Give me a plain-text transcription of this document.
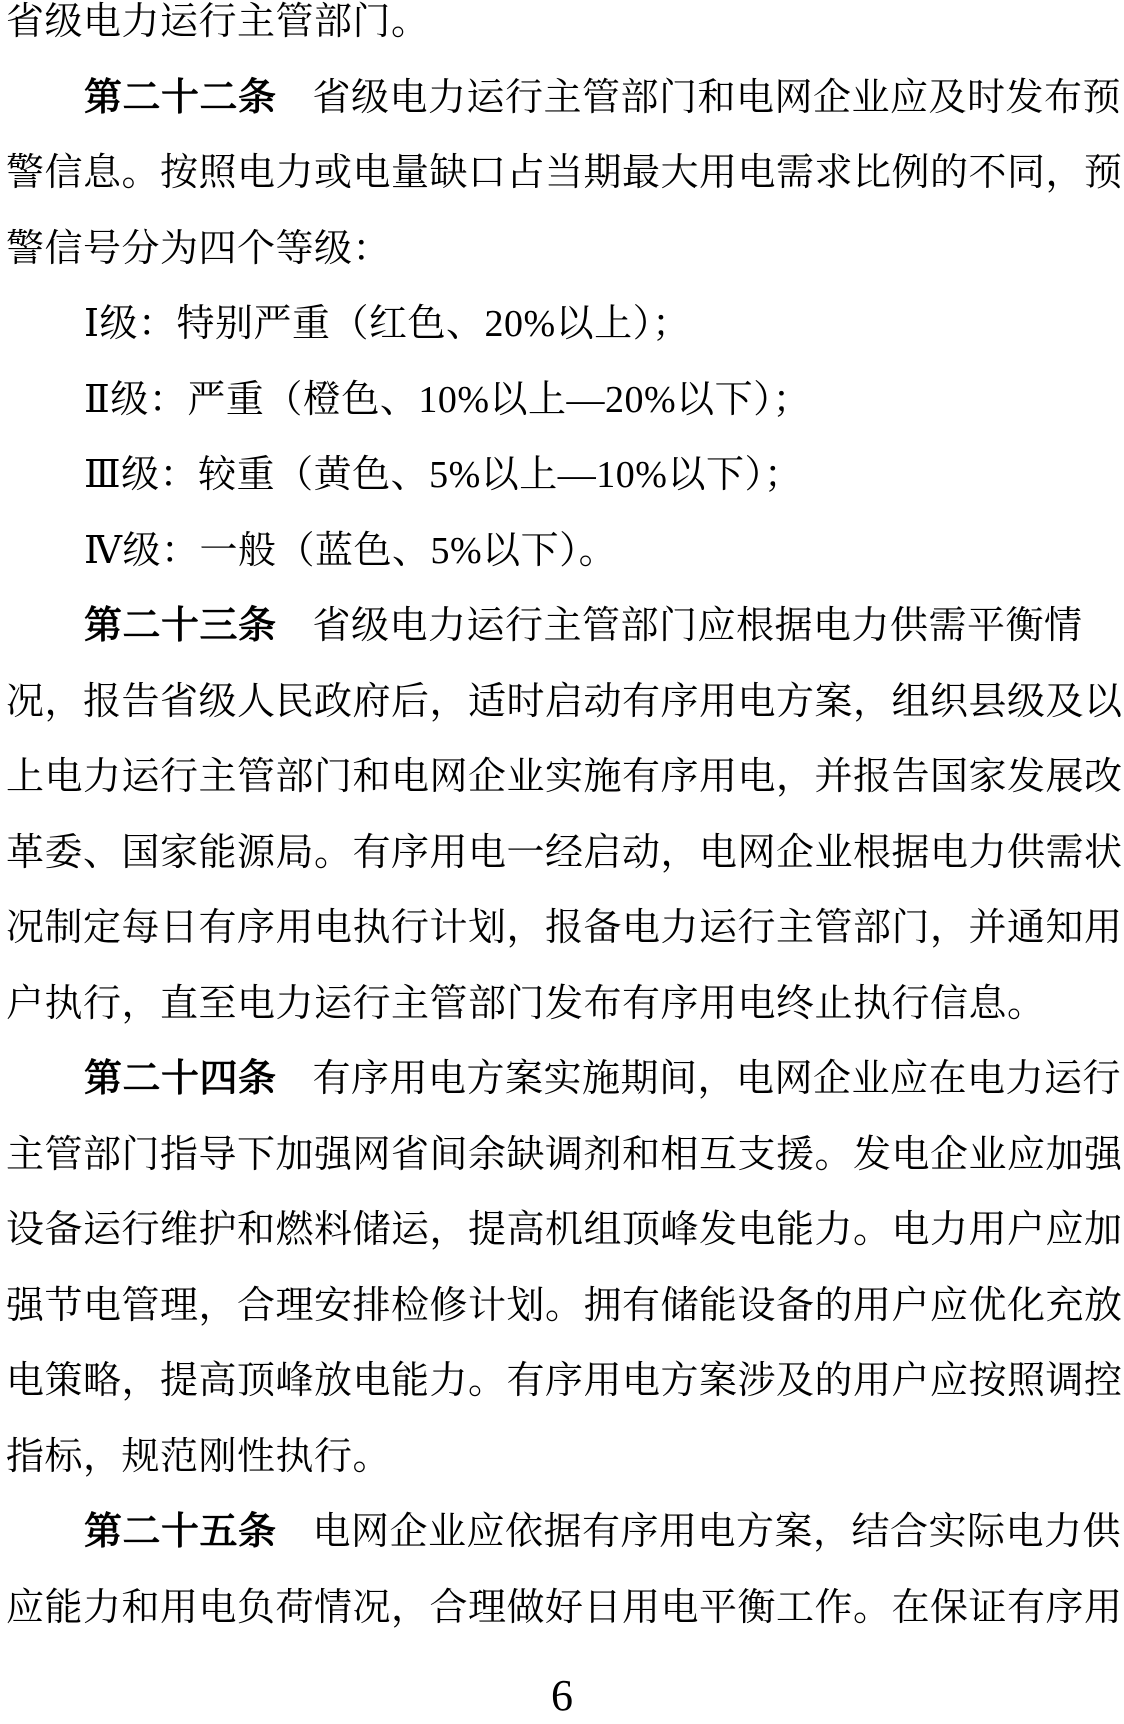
省级电力运行主管部门。
第二十二条 省级电力运行主管部门和电网企业应及时发布预
警信息。按照电力或电量缺口占当期最大用电需求比例的不同，预
警信号分为四个等级：
Ⅰ级：特别严重（红色、20%以上）；
Ⅱ级：严重（橙色、10%以上—20%以下）；
Ⅲ级：较重（黄色、5%以上—10%以下）；
Ⅳ级：一般（蓝色、5%以下）。
第二十三条 省级电力运行主管部门应根据电力供需平衡情
况，报告省级人民政府后，适时启动有序用电方案，组织县级及以
上电力运行主管部门和电网企业实施有序用电，并报告国家发展改
革委、国家能源局。有序用电一经启动，电网企业根据电力供需状
况制定每日有序用电执行计划，报备电力运行主管部门，并通知用
户执行，直至电力运行主管部门发布有序用电终止执行信息。
第二十四条 有序用电方案实施期间，电网企业应在电力运行
主管部门指导下加强网省间余缺调剂和相互支援。发电企业应加强
设备运行维护和燃料储运，提高机组顶峰发电能力。电力用户应加
强节电管理，合理安排检修计划。拥有储能设备的用户应优化充放
电策略，提高顶峰放电能力。有序用电方案涉及的用户应按照调控
指标，规范刚性执行。
第二十五条 电网企业应依据有序用电方案，结合实际电力供
应能力和用电负荷情况，合理做好日用电平衡工作。在保证有序用
6
